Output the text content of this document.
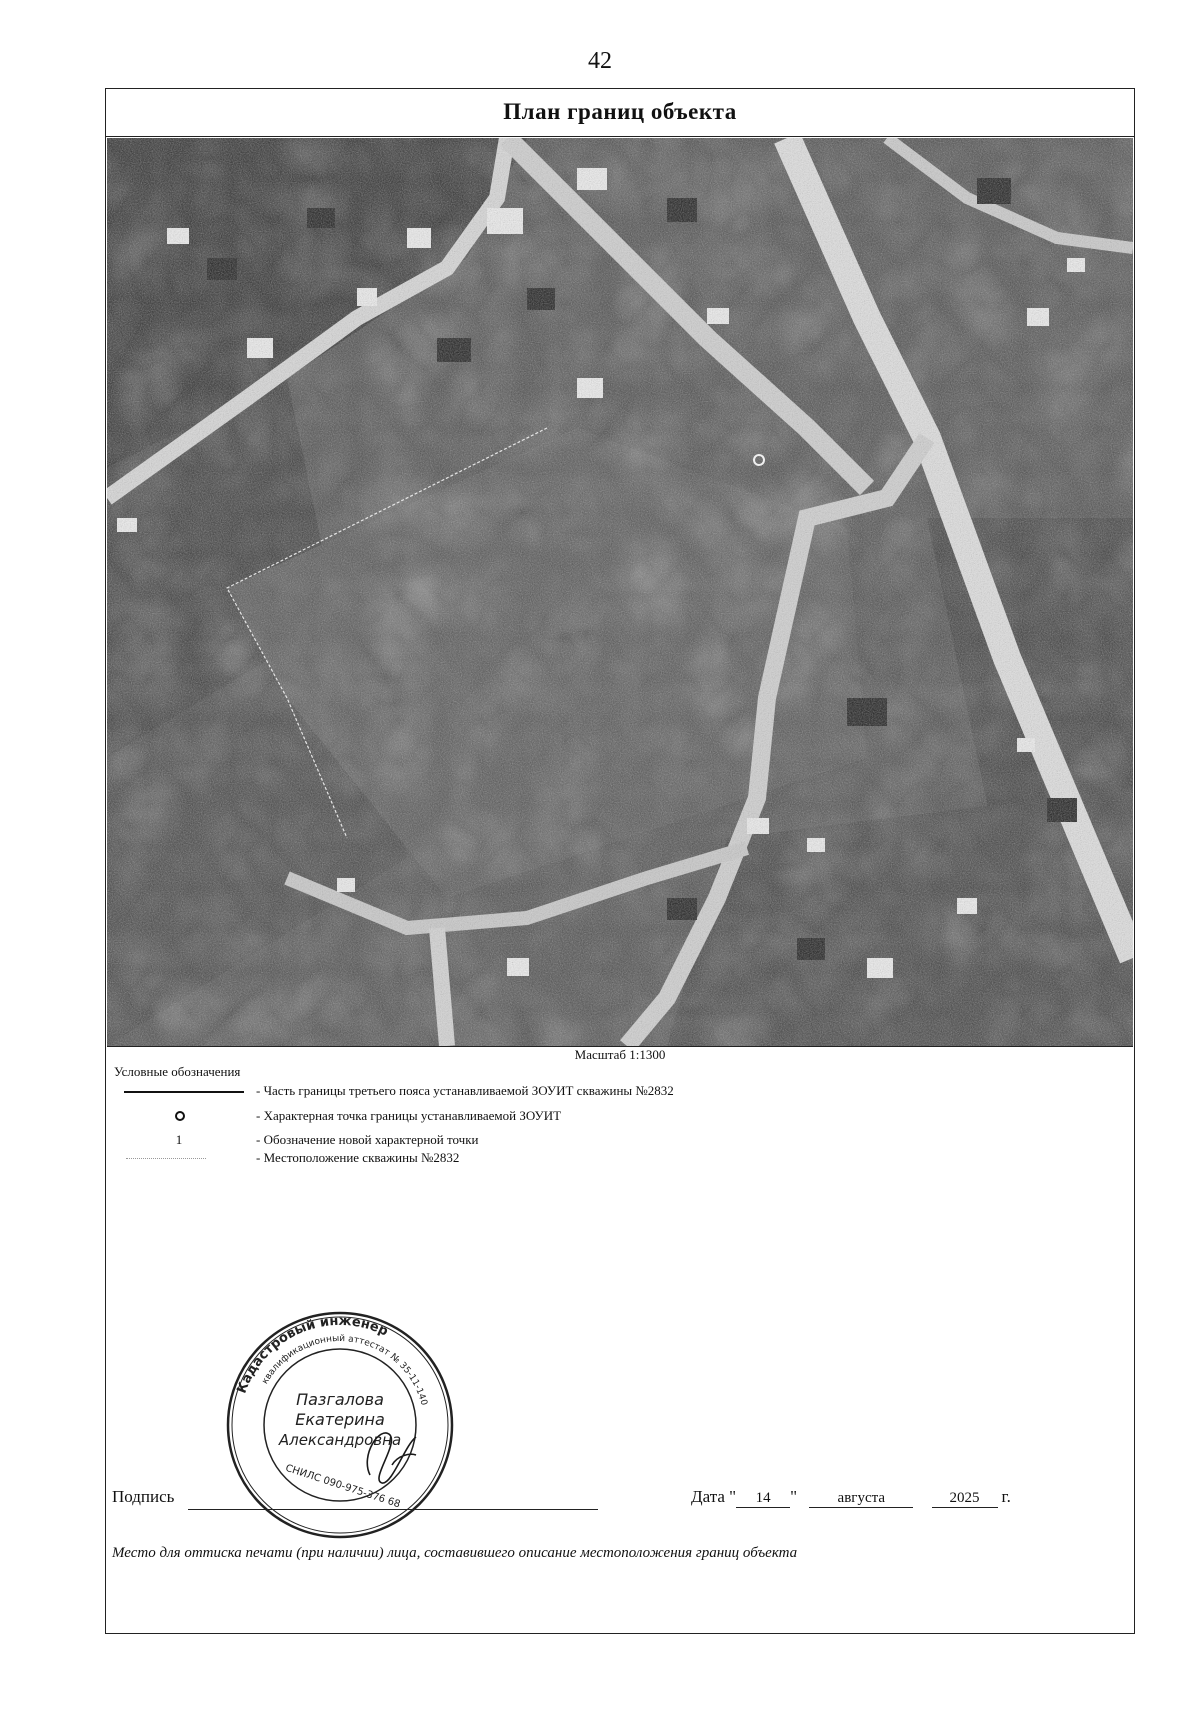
42
План границ объекта
Масштаб 1:1300
Условные обозначения
- Часть границы третьего пояса устанавливаемой ЗОУИТ скважины №2832
- Характерная точка границы устанавливаемой ЗОУИТ
1	- Обозначение новой характерной точки
- Местоположение скважины №2832
Подпись	Дата " 14 "	августа	2025 г.
Место для оттиска печати (при наличии) лица, составившего описание местоположения границ объекта
Кадастровый инженер
квалификационный аттестат № 35-11-140
Пазгалова
Екатерина
Александровна
СНИЛС 090-975-376 68
